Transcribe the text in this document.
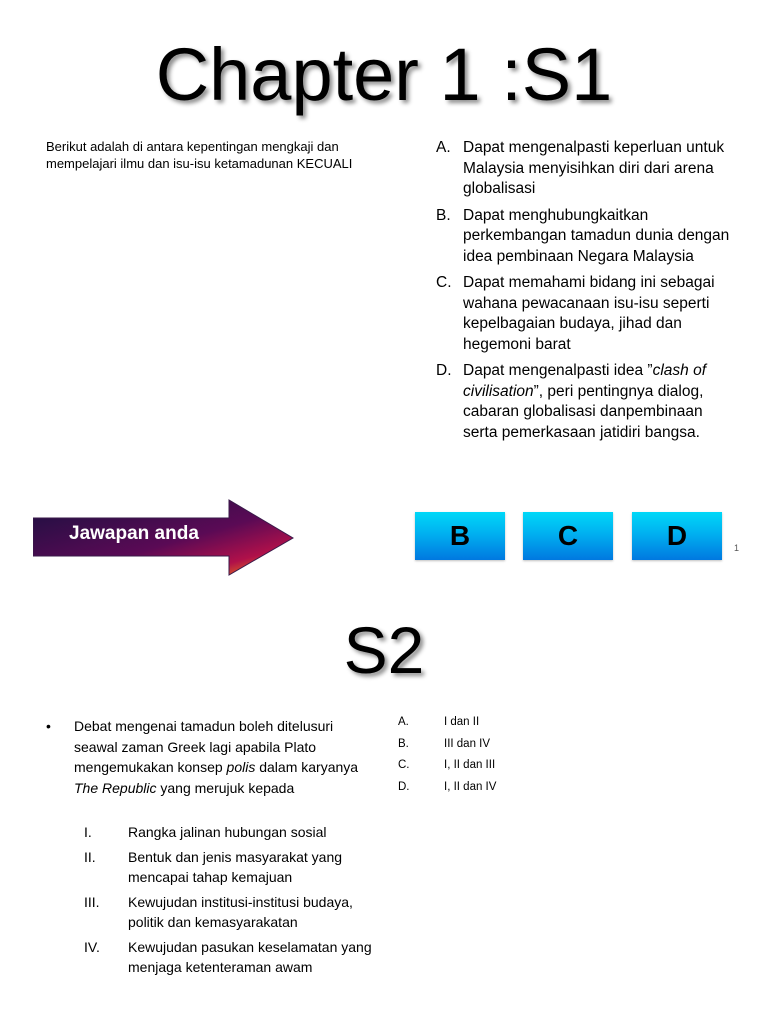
Chapter 1 :S1
Berikut adalah di antara kepentingan mengkaji dan mempelajari ilmu dan isu-isu ketamadunan KECUALI
A. Dapat mengenalpasti keperluan untuk Malaysia menyisihkan diri dari arena globalisasi
B. Dapat menghubungkaitkan perkembangan tamadun dunia dengan idea pembinaan Negara Malaysia
C. Dapat memahami bidang ini sebagai wahana pewacanaan isu-isu seperti kepelbagaian budaya, jihad dan hegemoni barat
D. Dapat mengenalpasti idea ”clash of civilisation”, peri pentingnya dialog, cabaran globalisasi danpembinaan serta pemerkasaan jatidiri bangsa.
Jawapan anda	B	C	D	1
S2
•	Debat mengenai tamadun boleh ditelusuri seawal zaman Greek lagi apabila Plato mengemukakan konsep polis dalam karyanya The Republic yang merujuk kepada
I.	Rangka jalinan hubungan sosial
II.	Bentuk dan jenis masyarakat yang mencapai tahap kemajuan
III.	Kewujudan institusi-institusi budaya, politik dan kemasyarakatan
IV.	Kewujudan pasukan keselamatan yang menjaga ketenteraman awam
A.	I dan II
B.	III dan IV
C.	I, II dan III
D.	I, II dan IV
